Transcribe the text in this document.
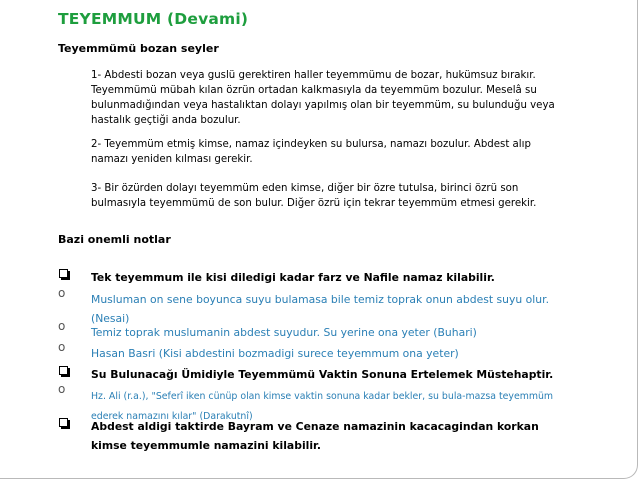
TEYEMMUM (Devami)

Teyemmümü bozan seyler

1- Abdesti bozan veya guslü gerektiren haller teyemmümu de bozar, hukümsuz bırakır. Teyemmümü mübah kılan özrün ortadan kalkmasıyla da teyemmüm bozulur. Meselâ su bulunmadığından veya hastalıktan dolayı yapılmış olan bir teyemmüm, su bulunduğu veya hastalık geçtiği anda bozulur.

2- Teyemmüm etmiş kimse, namaz içindeyken su bulursa, namazı bozulur. Abdest alıp namazı yeniden kılması gerekir.

3- Bir özürden dolayı teyemmüm eden kimse, diğer bir özre tutulsa, birinci özrü son bulmasıyla teyemmümü de son bulur. Diğer özrü için tekrar teyemmüm etmesi gerekir.

Bazi onemli notlar

Tek teyemmum ile kisi diledigi kadar farz ve Nafile namaz kilabilir.
o Musluman on sene boyunca suyu bulamasa bile temiz toprak onun abdest suyu olur. (Nesai)
o Temiz toprak muslumanin abdest suyudur. Su yerine ona yeter (Buhari)
o Hasan Basri (Kisi abdestini bozmadigi surece teyemmum ona yeter)
Su Bulunacağı Ümidiyle Teyemmümü Vaktin Sonuna Ertelemek Müstehaptir.
o
Hz. Ali (r.a.), "Seferî iken cünüp olan kimse vaktin sonuna kadar bekler, su bula-mazsa teyemmüm ederek namazını kılar" (Darakutnî)
Abdest aldigi taktirde Bayram ve Cenaze namazinin kacacagindan korkan kimse teyemmumle namazini kilabilir.
